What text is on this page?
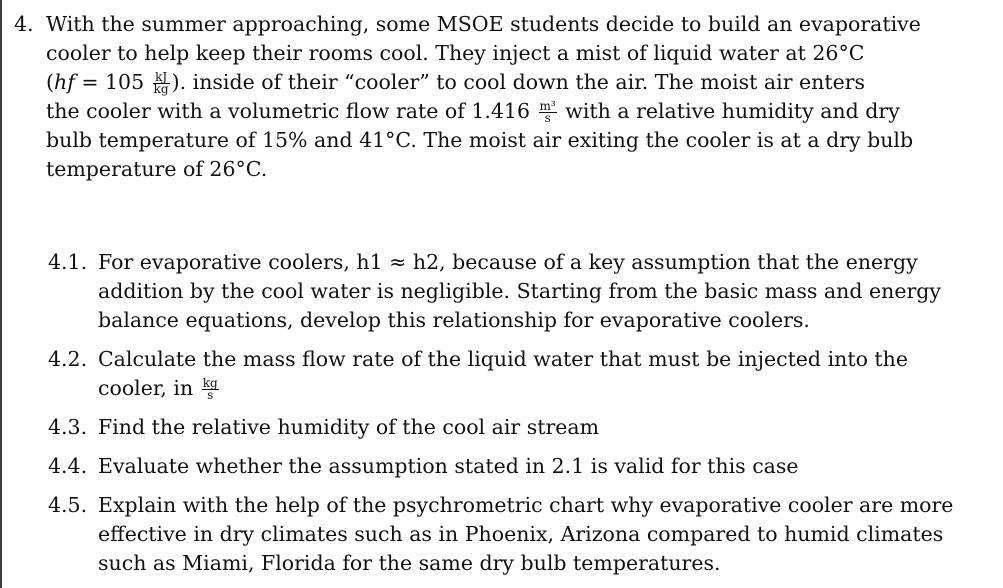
4. With the summer approaching, some MSOE students decide to build an evaporative
cooler to help keep their rooms cool. They inject a mist of liquid water at 26°C
($hf = 105 \frac{kJ}{kg}$ ). inside of their “cooler” to cool down the air. The moist air enters
the cooler with a volumetric flow rate of $1.416 \frac{\text{m³}}{s}$ with a relative humidity and dry
bulb temperature of 15% and 41°C. The moist air exiting the cooler is at a dry bulb
temperature of 26°C.
4.1. For evaporative coolers, h1 ≈ h2, because of a key assumption that the energy
addition by the cool water is negligible. Starting from the basic mass and energy
balance equations, develop this relationship for evaporative coolers.
4.2. Calculate the mass flow rate of the liquid water that must be injected into the
cooler, in $\frac{kg}{s}$
4.3. Find the relative humidity of the cool air stream
4.4. Evaluate whether the assumption stated in 2.1 is valid for this case
4.5. Explain with the help of the psychrometric chart why evaporative cooler are more
effective in dry climates such as in Phoenix, Arizona compared to humid climates
such as Miami, Florida for the same dry bulb temperatures.
